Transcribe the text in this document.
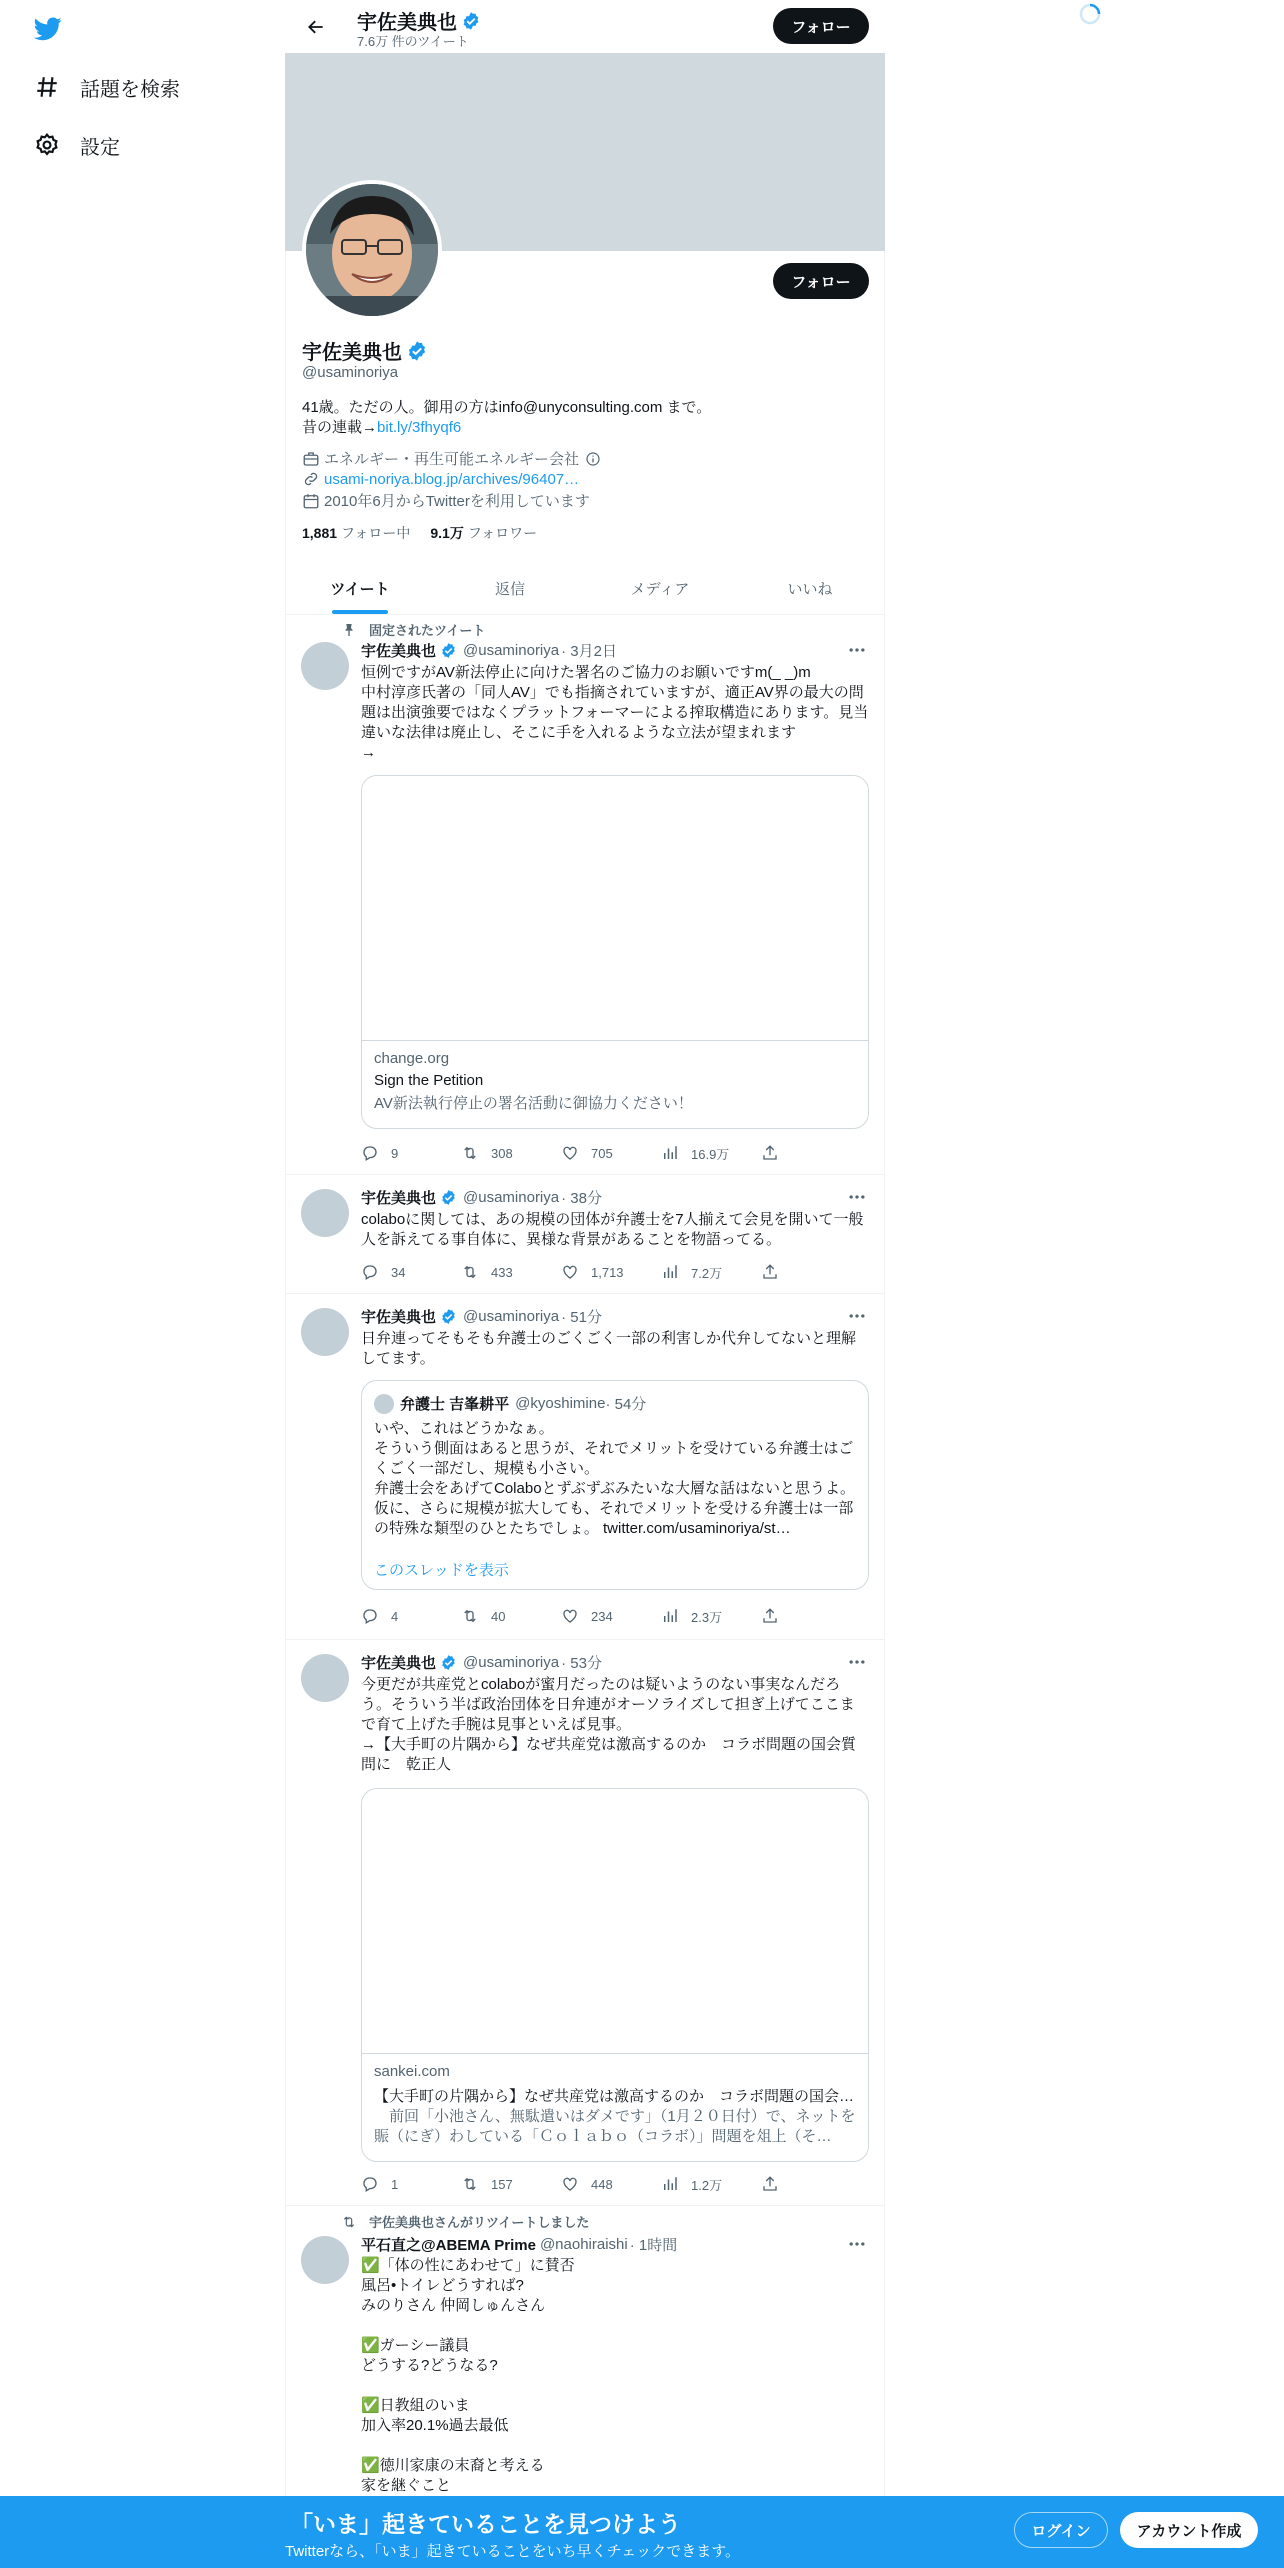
話題を検索
設定
宇佐美典也
7.6万 件のツイート
フォロー
フォロー
宇佐美典也
@usaminoriya
41歳。ただの人。御用の方はinfo@unyconsulting.com まで。
昔の連載→bit.ly/3fhyqf6
エネルギー・再生可能エネルギー会社
usami-noriya.blog.jp/archives/96407…
2010年6月からTwitterを利用しています
1,881 フォロー中 9.1万 フォロワー
ツイート	返信	メディア	いいね
固定されたツイート
宇佐美典也 @usaminoriya · 3月2日
恒例ですがAV新法停止に向けた署名のご協力のお願いですm(_ _)m
中村淳彦氏著の「同人AV」でも指摘されていますが、適正AV界の最大の問題は出演強要ではなくプラットフォーマーによる搾取構造にあります。見当違いな法律は廃止し、そこに手を入れるような立法が望まれます
→
change.org
Sign the Petition
AV新法執行停止の署名活動に御協力ください！
9	308	705	16.9万
宇佐美典也 @usaminoriya · 38分
colaboに関しては、あの規模の団体が弁護士を7人揃えて会見を開いて一般人を訴えてる事自体に、異様な背景があることを物語ってる。
34	433	1,713	7.2万
宇佐美典也 @usaminoriya · 51分
日弁連ってそもそも弁護士のごくごく一部の利害しか代弁してないと理解してます。
弁護士 吉峯耕平 @kyoshimine · 54分
いや、これはどうかなぁ。
そういう側面はあると思うが、それでメリットを受けている弁護士はごくごく一部だし、規模も小さい。
弁護士会をあげてColaboとずぶずぶみたいな大層な話はないと思うよ。
仮に、さらに規模が拡大しても、それでメリットを受ける弁護士は一部の特殊な類型のひとたちでしょ。 twitter.com/usaminoriya/st…
このスレッドを表示
4	40	234	2.3万
宇佐美典也 @usaminoriya · 53分
今更だが共産党とcolaboが蜜月だったのは疑いようのない事実なんだろう。そういう半ば政治団体を日弁連がオーソライズして担ぎ上げてここまで育て上げた手腕は見事といえば見事。
→【大手町の片隅から】なぜ共産党は激高するのか　コラボ問題の国会質問に　乾正人
sankei.com
【大手町の片隅から】なぜ共産党は激高するのか　コラボ問題の国会…
　前回「小池さん、無駄遣いはダメです」（1月２０日付）で、ネットを賑（にぎ）わしている「Ｃｏｌａｂｏ（コラボ）」問題を俎上（そ…
1	157	448	1.2万
宇佐美典也さんがリツイートしました
平石直之@ABEMA Prime @naohiraishi · 1時間
✅「体の性にあわせて」に賛否
風呂•トイレどうすれば?
みのりさん 仲岡しゅんさん

✅ガーシー議員
どうする?どうなる?

✅日教組のいま
加入率20.1%過去最低

✅徳川家康の末裔と考える
家を継ぐこと
「いま」起きていることを見つけよう
Twitterなら、「いま」起きていることをいち早くチェックできます。
ログイン	アカウント作成
